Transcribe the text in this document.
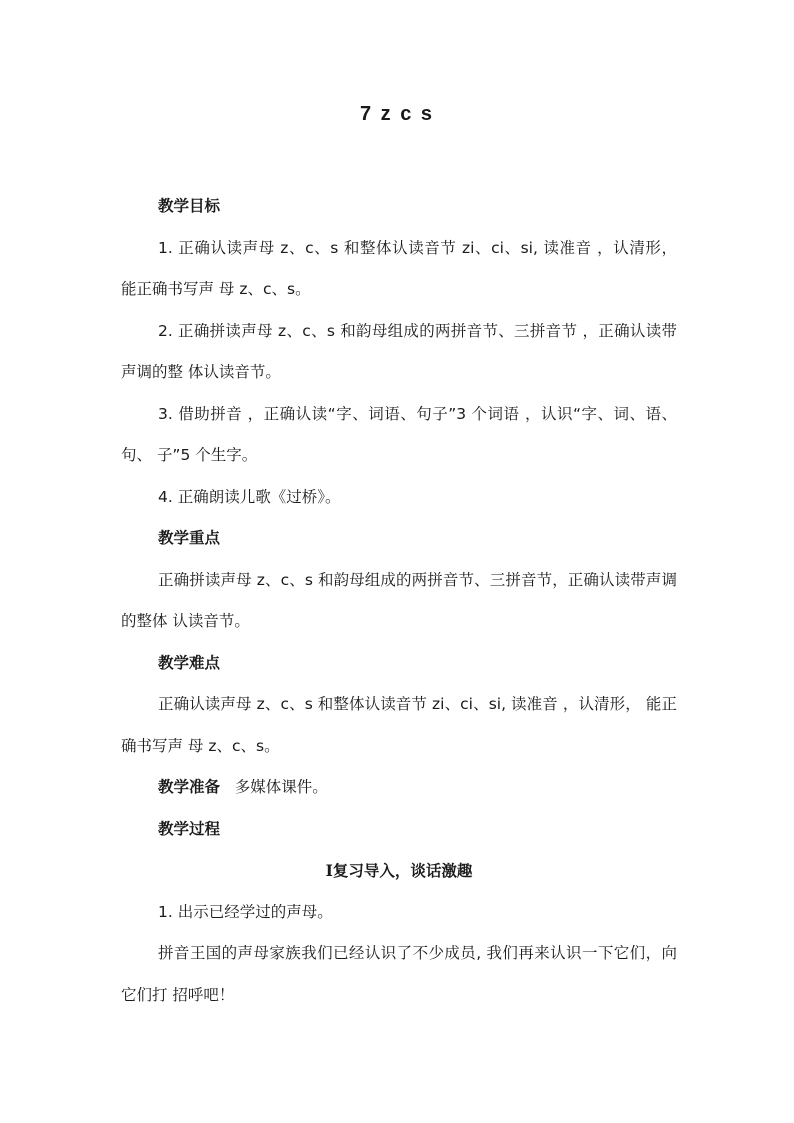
7 z c s

教学目标

1. 正确认读声母 z、c、s 和整体认读音节 zi、ci、si, 读准音 ，认清形， 能正确书写声 母 z、c、s。

2. 正确拼读声母 z、c、s 和韵母组成的两拼音节、三拼音节 ，正确认读带声调的整 体认读音节。

3. 借助拼音 ，正确认读“字、词语、句子”3 个词语 ，认识“字、词、语、句、 子”5 个生字。

4. 正确朗读儿歌《过桥》。

教学重点

正确拼读声母 z、c、s 和韵母组成的两拼音节、三拼音节，正确认读带声调的整体 认读音节。

教学难点

正确认读声母 z、c、s 和整体认读音节 zi、ci、si, 读准音 ，认清形， 能正确书写声 母 z、c、s。

教学准备 多媒体课件。

教学过程

Ⅰ复习导入，谈话激趣

1. 出示已经学过的声母。

拼音王国的声母家族我们已经认识了不少成员, 我们再来认识一下它们，向它们打 招呼吧！
